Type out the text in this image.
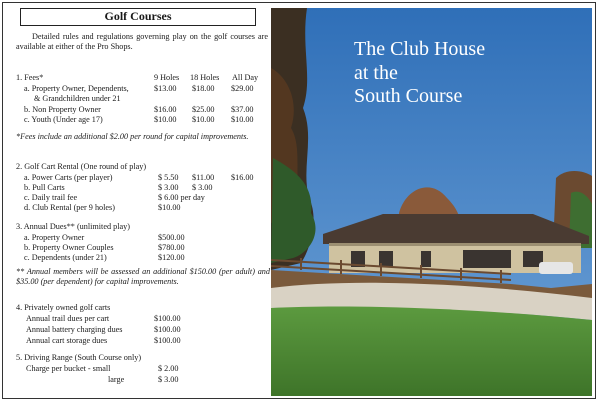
Golf Courses
Detailed rules and regulations governing play on the golf courses are available at either of the Pro Shops.
1. Fees*	9 Holes 18 Holes All Day
a. Property Owner, Dependents,	$13.00 $18.00 $29.00
& Grandchildren under 21
b. Non Property Owner	$16.00 $25.00 $37.00
c. Youth (Under age 17)	$10.00 $10.00 $10.00
*Fees include an additional $2.00 per round for capital improvements.
2. Golf Cart Rental (One round of play)
a. Power Carts (per player)	$ 5.50 $11.00 $16.00
b. Pull Carts	$ 3.00 $ 3.00
c. Daily trail fee	$ 6.00 per day
d. Club Rental (per 9 holes)	$10.00
3. Annual Dues** (unlimited play)
a. Property Owner	$500.00
b. Property Owner Couples	$780.00
c. Dependents (under 21)	$120.00
** Annual members will be assessed an additional $150.00 (per adult) and $35.00 (per dependent) for capital improvements.
4. Privately owned golf carts
Annual trail dues per cart	$100.00
Annual battery charging dues	$100.00
Annual cart storage dues	$100.00
5. Driving Range (South Course only)
Charge per bucket - small	$ 2.00
large	$ 3.00
The Club House
at the
South Course
